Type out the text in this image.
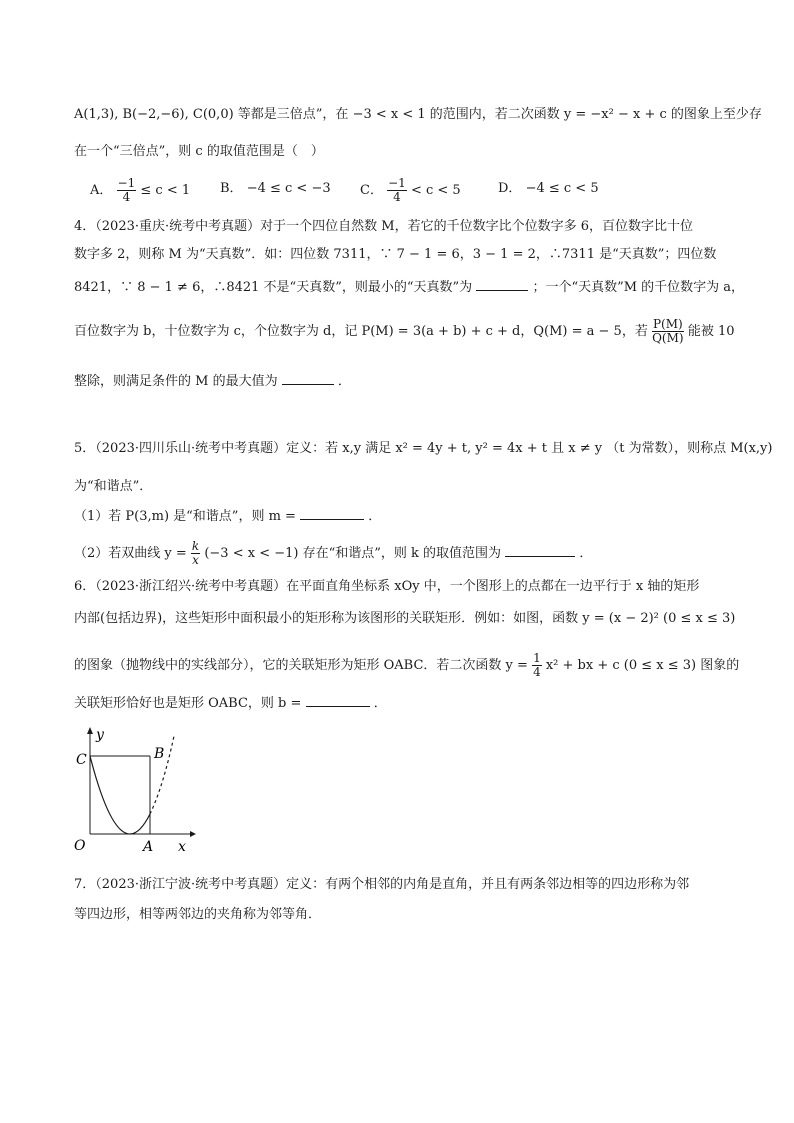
A(1,3), B(−2,−6), C(0,0) 等都是三倍点”，在 −3 < x < 1 的范围内，若二次函数 y = −x² − x + c 的图象上至少存
在一个“三倍点”，则 c 的取值范围是（　）
A． $\frac{-1}{4} \le c < 1$	B． −4 ≤ c < −3	C． $\frac{-1}{4} < c < 5$	D． −4 ≤ c < 5
4．（2023·重庆·统考中考真题）对于一个四位自然数 M，若它的千位数字比个位数字多 6，百位数字比十位
数字多 2，则称 M 为“天真数”．如：四位数 7311，∵ 7 − 1 = 6，3 − 1 = 2，∴7311 是“天真数”；四位数
8421，∵ 8 − 1 ≠ 6，∴8421 不是“天真数”，则最小的“天真数”为	；一个“天真数”M 的千位数字为 a，
百位数字为 b，十位数字为 c，个位数字为 d，记 P(M) = 3(a + b) + c + d，Q(M) = a − 5，若 $\frac{P(M)}{Q(M)}$ 能被 10
整除，则满足条件的 M 的最大值为	．
5．（2023·四川乐山·统考中考真题）定义：若 x,y 满足 x² = 4y + t, y² = 4x + t 且 x ≠ y （t 为常数），则称点 M(x,y)
为“和谐点”．
（1）若 P(3,m) 是“和谐点”，则 m =	．
（2）若双曲线 $y = \frac{k}{x} (-3 < x < -1)$ 存在“和谐点”，则 k 的取值范围为	．
6．（2023·浙江绍兴·统考中考真题）在平面直角坐标系 xOy 中，一个图形上的点都在一边平行于 x 轴的矩形
内部(包括边界)，这些矩形中面积最小的矩形称为该图形的关联矩形．例如：如图，函数 y = (x − 2)² (0 ≤ x ≤ 3)
的图象（抛物线中的实线部分），它的关联矩形为矩形 OABC．若二次函数 $y = \frac{1}{4} x^2$ + bx + c (0 ≤ x ≤ 3) 图象的
关联矩形恰好也是矩形 OABC，则 b =	．
C	B
O	A x
y
7．（2023·浙江宁波·统考中考真题）定义：有两个相邻的内角是直角，并且有两条邻边相等的四边形称为邻
等四边形，相等两邻边的夹角称为邻等角．
